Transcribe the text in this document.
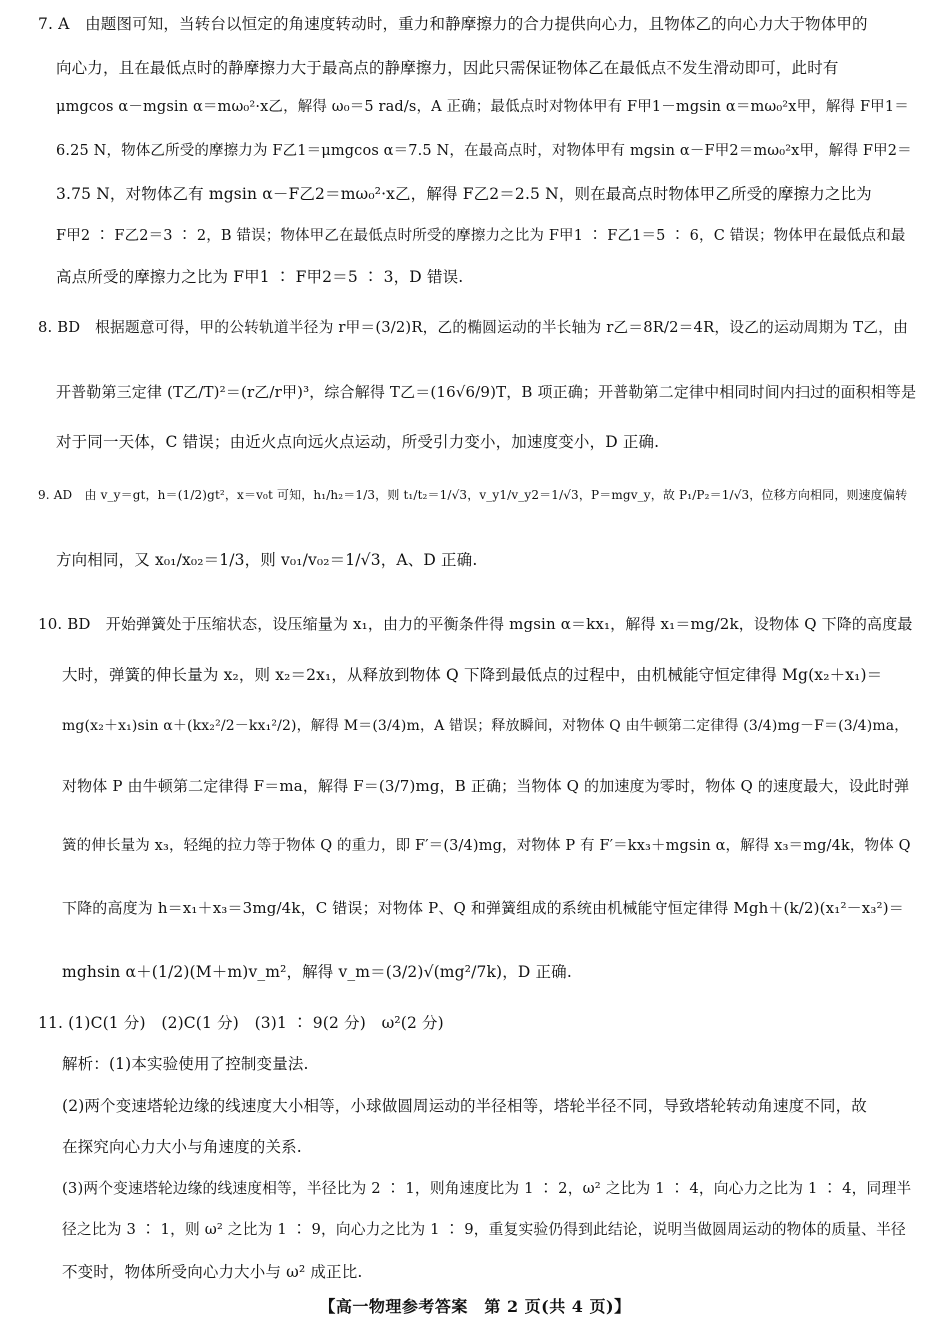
7. A　由题图可知，当转台以恒定的角速度转动时，重力和静摩擦力的合力提供向心力，且物体乙的向心力大于物体甲的
向心力，且在最低点时的静摩擦力大于最高点的静摩擦力，因此只需保证物体乙在最低点不发生滑动即可，此时有
μmgcos α－mgsin α＝mω₀²·x乙，解得 ω₀＝5 rad/s，A 正确；最低点时对物体甲有 F甲1－mgsin α＝mω₀²x甲，解得 F甲1＝
6.25 N，物体乙所受的摩擦力为 F乙1＝μmgcos α＝7.5 N，在最高点时，对物体甲有 mgsin α－F甲2＝mω₀²x甲，解得 F甲2＝
3.75 N，对物体乙有 mgsin α－F乙2＝mω₀²·x乙，解得 F乙2＝2.5 N，则在最高点时物体甲乙所受的摩擦力之比为
F甲2 ∶ F乙2＝3 ∶ 2，B 错误；物体甲乙在最低点时所受的摩擦力之比为 F甲1 ∶ F乙1＝5 ∶ 6，C 错误；物体甲在最低点和最
高点所受的摩擦力之比为 F甲1 ∶ F甲2＝5 ∶ 3，D 错误.
8. BD　根据题意可得，甲的公转轨道半径为 r甲＝(3/2)R，乙的椭圆运动的半长轴为 r乙＝8R/2＝4R，设乙的运动周期为 T乙，由
开普勒第三定律 (T乙/T)²＝(r乙/r甲)³，综合解得 T乙＝(16√6/9)T，B 项正确；开普勒第二定律中相同时间内扫过的面积相等是
对于同一天体，C 错误；由近火点向远火点运动，所受引力变小，加速度变小，D 正确.
9. AD　由 v_y＝gt，h＝(1/2)gt²，x＝v₀t 可知，h₁/h₂＝1/3，则 t₁/t₂＝1/√3，v_y1/v_y2＝1/√3，P＝mgv_y，故 P₁/P₂＝1/√3，位移方向相同，则速度偏转
方向相同，又 x₀₁/x₀₂＝1/3，则 v₀₁/v₀₂＝1/√3，A、D 正确.
10. BD　开始弹簧处于压缩状态，设压缩量为 x₁，由力的平衡条件得 mgsin α＝kx₁，解得 x₁＝mg/2k，设物体 Q 下降的高度最
大时，弹簧的伸长量为 x₂，则 x₂＝2x₁，从释放到物体 Q 下降到最低点的过程中，由机械能守恒定律得 Mg(x₂＋x₁)＝
mg(x₂＋x₁)sin α＋(kx₂²/2－kx₁²/2)，解得 M＝(3/4)m，A 错误；释放瞬间，对物体 Q 由牛顿第二定律得 (3/4)mg－F＝(3/4)ma，
对物体 P 由牛顿第二定律得 F＝ma，解得 F＝(3/7)mg，B 正确；当物体 Q 的加速度为零时，物体 Q 的速度最大，设此时弹
簧的伸长量为 x₃，轻绳的拉力等于物体 Q 的重力，即 F′＝(3/4)mg，对物体 P 有 F′＝kx₃＋mgsin α，解得 x₃＝mg/4k，物体 Q
下降的高度为 h＝x₁＋x₃＝3mg/4k，C 错误；对物体 P、Q 和弹簧组成的系统由机械能守恒定律得 Mgh＋(k/2)(x₁²－x₃²)＝
mghsin α＋(1/2)(M＋m)v_m²，解得 v_m＝(3/2)√(mg²/7k)，D 正确.
11. (1)C(1 分)　(2)C(1 分)　(3)1 ∶ 9(2 分)　ω²(2 分)
解析：(1)本实验使用了控制变量法.
(2)两个变速塔轮边缘的线速度大小相等，小球做圆周运动的半径相等，塔轮半径不同，导致塔轮转动角速度不同，故
在探究向心力大小与角速度的关系.
(3)两个变速塔轮边缘的线速度相等，半径比为 2 ∶ 1，则角速度比为 1 ∶ 2，ω² 之比为 1 ∶ 4，向心力之比为 1 ∶ 4，同理半
径之比为 3 ∶ 1，则 ω² 之比为 1 ∶ 9，向心力之比为 1 ∶ 9，重复实验仍得到此结论，说明当做圆周运动的物体的质量、半径
不变时，物体所受向心力大小与 ω² 成正比.
【高一物理参考答案　第 2 页(共 4 页)】
